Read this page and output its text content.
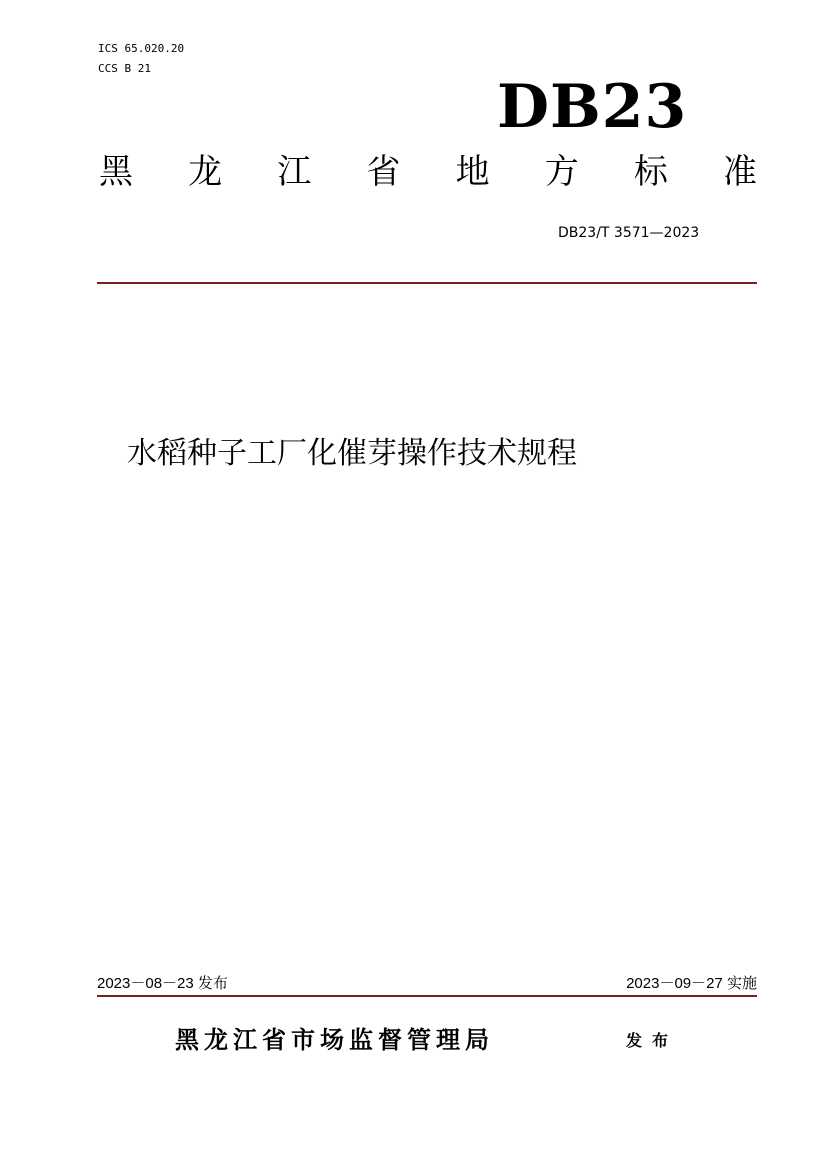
ICS 65.020.20
CCS B 21
DB23
黑 龙 江 省 地 方 标 准
DB23/T 3571—2023
水稻种子工厂化催芽操作技术规程
2023－08－23 发布	2023－09－27 实施
黑龙江省市场监督管理局	发布
